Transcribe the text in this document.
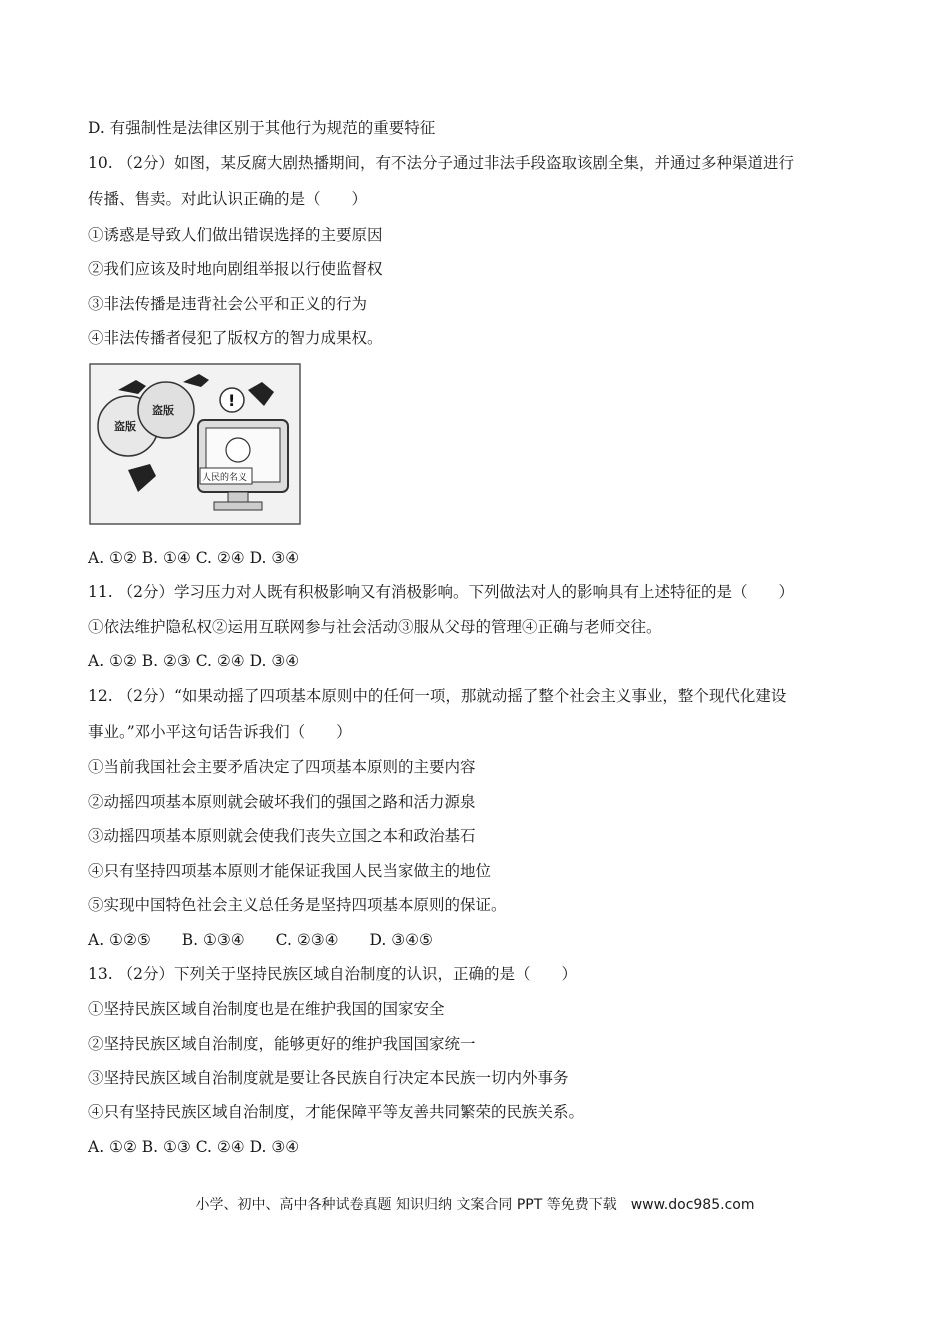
D. 有强制性是法律区别于其他行为规范的重要特征
10. （2分）如图，某反腐大剧热播期间，有不法分子通过非法手段盗取该剧全集，并通过多种渠道进行
传播、售卖。对此认识正确的是（　　）
①诱惑是导致人们做出错误选择的主要原因
②我们应该及时地向剧组举报以行使监督权
③非法传播是违背社会公平和正义的行为
④非法传播者侵犯了版权方的智力成果权。
盗版
盗版
!
人民的名义
A. ①② B. ①④ C. ②④ D. ③④
11. （2分）学习压力对人既有积极影响又有消极影响。下列做法对人的影响具有上述特征的是（　　）
①依法维护隐私权②运用互联网参与社会活动③服从父母的管理④正确与老师交往。
A. ①② B. ②③ C. ②④ D. ③④
12. （2分）“如果动摇了四项基本原则中的任何一项，那就动摇了整个社会主义事业，整个现代化建设
事业。”邓小平这句话告诉我们（　　）
①当前我国社会主要矛盾决定了四项基本原则的主要内容
②动摇四项基本原则就会破坏我们的强国之路和活力源泉
③动摇四项基本原则就会使我们丧失立国之本和政治基石
④只有坚持四项基本原则才能保证我国人民当家做主的地位
⑤实现中国特色社会主义总任务是坚持四项基本原则的保证。
A. ①②⑤　　B. ①③④　　C. ②③④　　D. ③④⑤
13. （2分）下列关于坚持民族区域自治制度的认识，正确的是（　　）
①坚持民族区域自治制度也是在维护我国的国家安全
②坚持民族区域自治制度，能够更好的维护我国国家统一
③坚持民族区域自治制度就是要让各民族自行决定本民族一切内外事务
④只有坚持民族区域自治制度，才能保障平等友善共同繁荣的民族关系。
A. ①② B. ①③ C. ②④ D. ③④
小学、初中、高中各种试卷真题 知识归纳 文案合同 PPT 等免费下载　www.doc985.com
